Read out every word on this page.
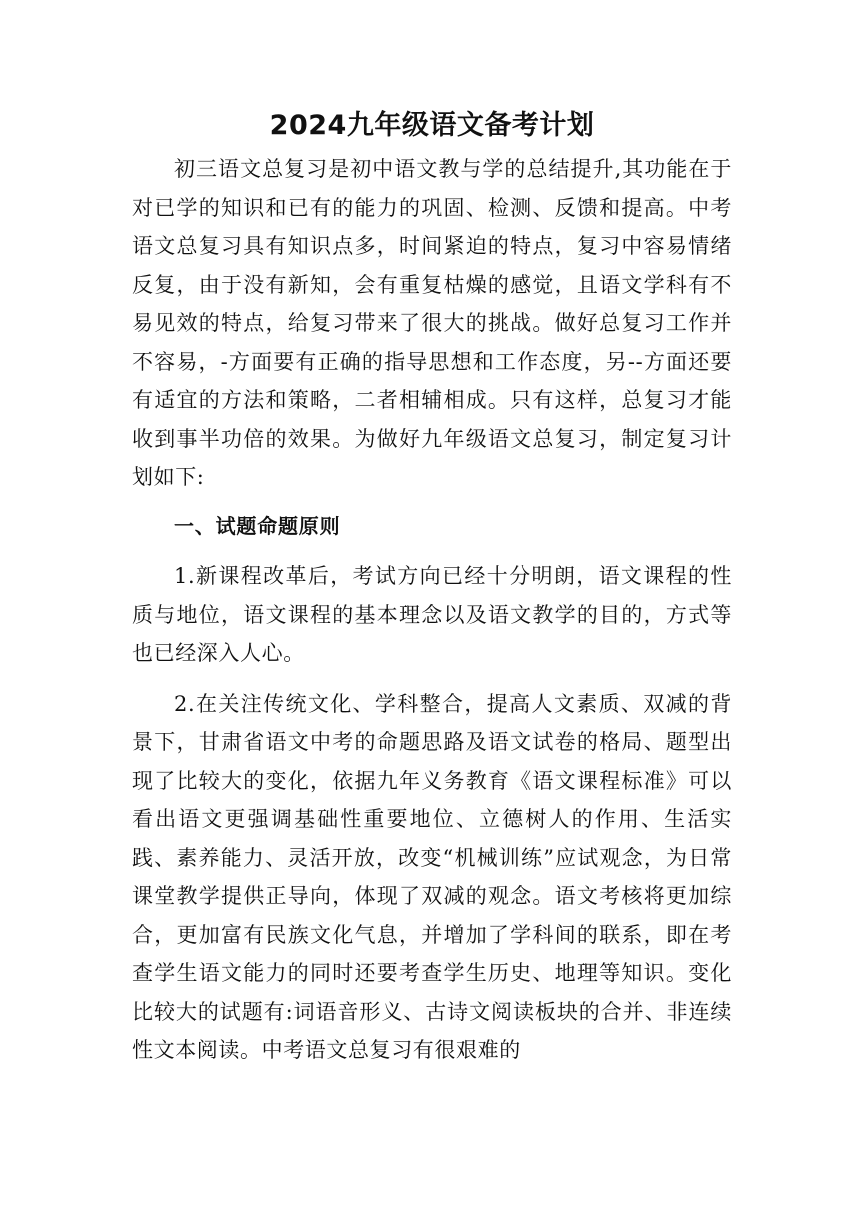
2024九年级语文备考计划

初三语文总复习是初中语文教与学的总结提升,其功能在于对已学的知识和已有的能力的巩固、检测、反馈和提高。中考语文总复习具有知识点多，时间紧迫的特点，复习中容易情绪反复，由于没有新知，会有重复枯燥的感觉，且语文学科有不易见效的特点，给复习带来了很大的挑战。做好总复习工作并不容易，-方面要有正确的指导思想和工作态度，另--方面还要有适宜的方法和策略，二者相辅相成。只有这样，总复习才能收到事半功倍的效果。为做好九年级语文总复习，制定复习计划如下:

一、试题命题原则

1.新课程改革后，考试方向已经十分明朗，语文课程的性质与地位，语文课程的基本理念以及语文教学的目的，方式等也已经深入人心。

2.在关注传统文化、学科整合，提高人文素质、双减的背景下，甘肃省语文中考的命题思路及语文试卷的格局、题型出现了比较大的变化，依据九年义务教育《语文课程标准》可以看出语文更强调基础性重要地位、立德树人的作用、生活实践、素养能力、灵活开放，改变“机械训练”应试观念，为日常课堂教学提供正导向，体现了双减的观念。语文考核将更加综合，更加富有民族文化气息，并增加了学科间的联系，即在考查学生语文能力的同时还要考查学生历史、地理等知识。变化比较大的试题有:词语音形义、古诗文阅读板块的合并、非连续性文本阅读。中考语文总复习有很艰难的
